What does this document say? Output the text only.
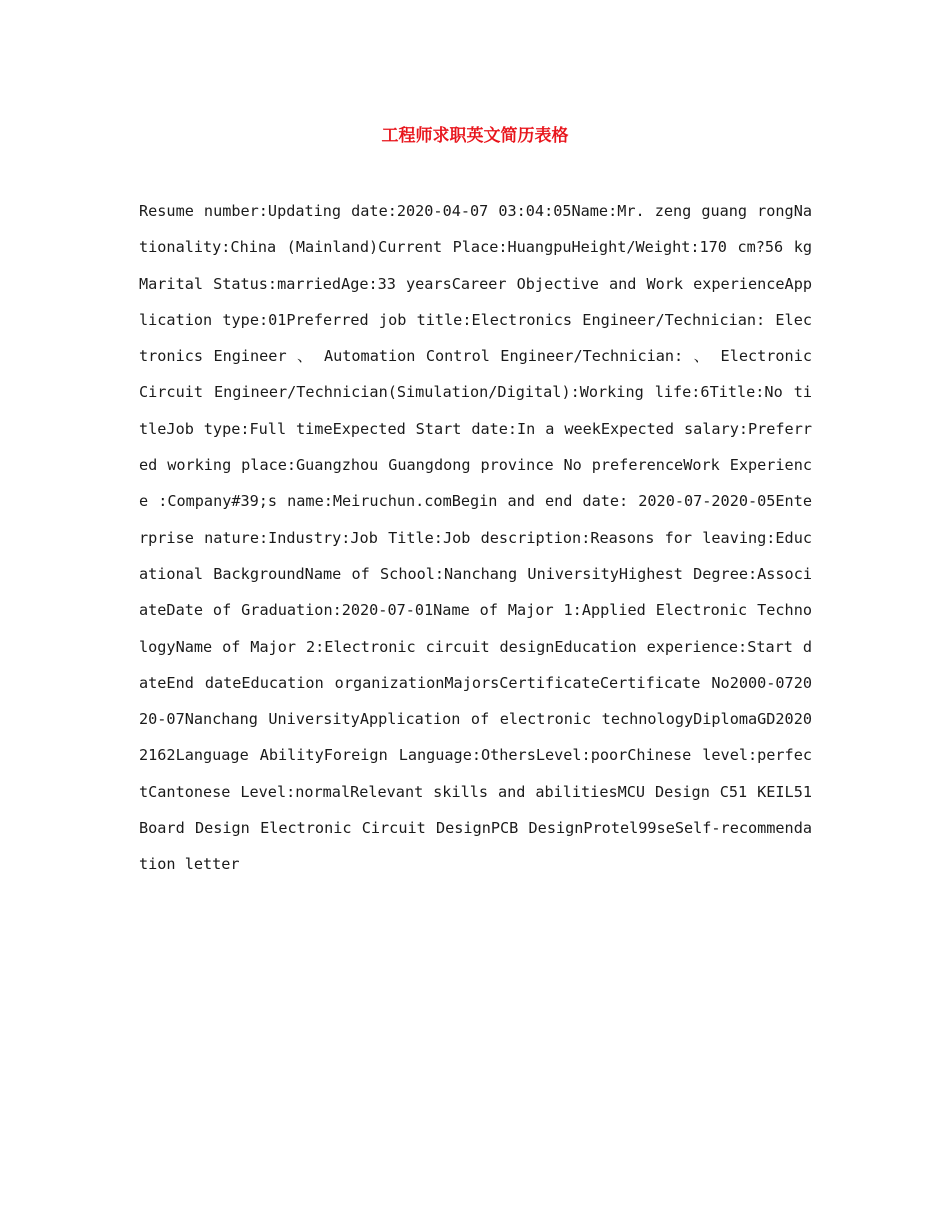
工程师求职英文简历表格

Resume number:Updating date:2020-04-07 03:04:05Name:Mr. zeng guang rongNationality:China (Mainland)Current Place:HuangpuHeight/Weight:170 cm?56 kgMarital Status:marriedAge:33 yearsCareer Objective and Work experienceApplication type:01Preferred job title:Electronics Engineer/Technician: Electronics Engineer 、 Automation Control Engineer/Technician: 、 Electronic Circuit Engineer/Technician(Simulation/Digital):Working life:6Title:No titleJob type:Full timeExpected Start date:In a weekExpected salary:Preferred working place:Guangzhou Guangdong province No preferenceWork Experience :Company#39;s name:Meiruchun.comBegin and end date: 2020-07-2020-05Enterprise nature:Industry:Job Title:Job description:Reasons for leaving:Educational BackgroundName of School:Nanchang UniversityHighest Degree:AssociateDate of Graduation:2020-07-01Name of Major 1:Applied Electronic TechnologyName of Major 2:Electronic circuit designEducation experience:Start dateEnd dateEducation organizationMajorsCertificateCertificate No2000-072020-07Nanchang UniversityApplication of electronic technologyDiplomaGD20202162Language AbilityForeign Language:OthersLevel:poorChinese level:perfectCantonese Level:normalRelevant skills and abilitiesMCU Design C51 KEIL51Board Design Electronic Circuit DesignPCB DesignProtel99seSelf-recommendation letter
